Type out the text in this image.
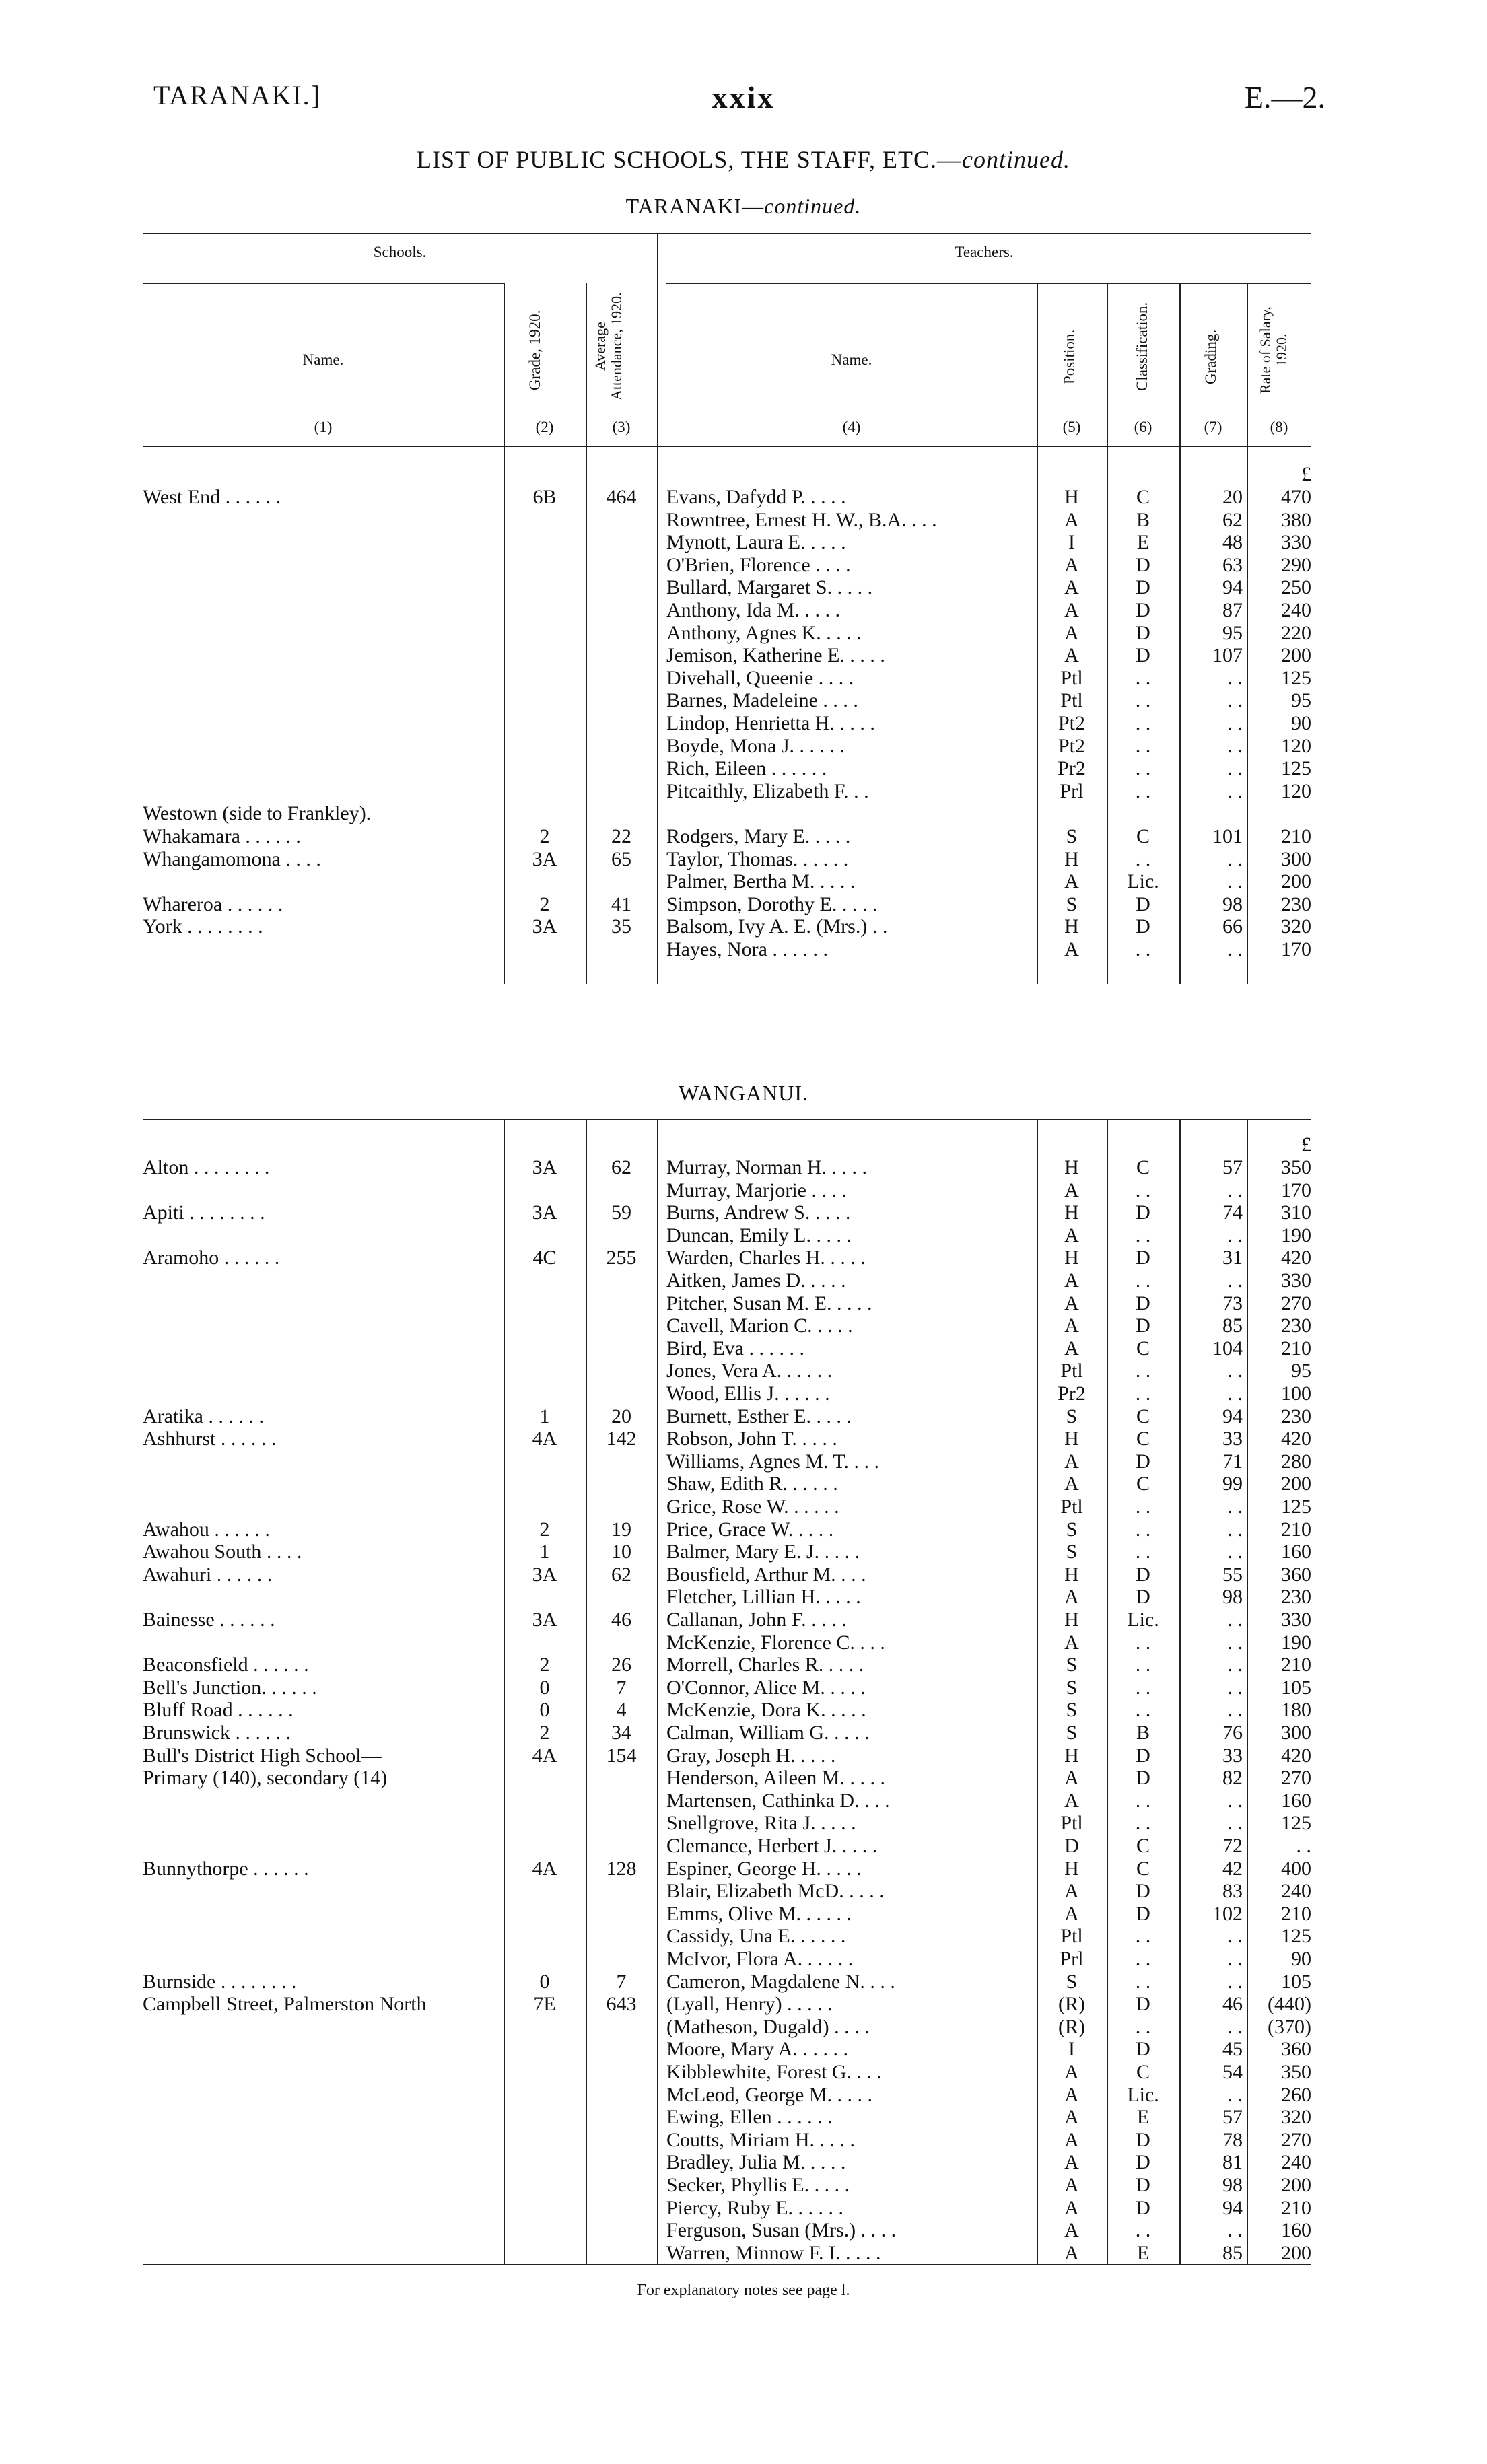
TARANAKI.]	xxix	E.—2.
LIST OF PUBLIC SCHOOLS, THE STAFF, ETC.—continued.
TARANAKI—continued.
Schools.	Teachers.
Name.	Grade, 1920.	Average Attendance, 1920.	Name.	Position.	Classification.	Grading.	Rate of Salary, 1920.
(1)	(2)	(3)	(4)	(5)	(6)	(7)	(8)
£
West End . . . . . .	6B	464	Evans, Dafydd P. . . . .	H	C	20	470
Rowntree, Ernest H. W., B.A. . . .	A	B	62	380
Mynott, Laura E. . . . .	I	E	48	330
O'Brien, Florence . . . .	A	D	63	290
Bullard, Margaret S. . . . .	A	D	94	250
Anthony, Ida M. . . . .	A	D	87	240
Anthony, Agnes K. . . . .	A	D	95	220
Jemison, Katherine E. . . . .	A	D	107	200
Divehall, Queenie . . . .	Ptl	. .	. .	125
Barnes, Madeleine . . . .	Ptl	. .	. .	95
Lindop, Henrietta H. . . . .	Pt2	. .	. .	90
Boyde, Mona J. . . . . .	Pt2	. .	. .	120
Rich, Eileen . . . . . .	Pr2	. .	. .	125
Pitcaithly, Elizabeth F. . .	Prl	. .	. .	120
Westown (side to Frankley).
Whakamara . . . . . .	2	22	Rodgers, Mary E. . . . .	S	C	101	210
Whangamomona . . . .	3A	65	Taylor, Thomas. . . . . .	H	. .	. .	300
Palmer, Bertha M. . . . .	A	Lic.	. .	200
Whareroa . . . . . .	2	41	Simpson, Dorothy E. . . . .	S	D	98	230
York . . . . . . . .	3A	35	Balsom, Ivy A. E. (Mrs.) . .	H	D	66	320
Hayes, Nora . . . . . .	A	. .	. .	170
WANGANUI.
£
Alton . . . . . . . .	3A	62	Murray, Norman H. . . . .	H	C	57	350
Murray, Marjorie . . . .	A	. .	. .	170
Apiti . . . . . . . .	3A	59	Burns, Andrew S. . . . .	H	D	74	310
Duncan, Emily L. . . . .	A	. .	. .	190
Aramoho . . . . . .	4C	255	Warden, Charles H. . . . .	H	D	31	420
Aitken, James D. . . . .	A	. .	. .	330
Pitcher, Susan M. E. . . . .	A	D	73	270
Cavell, Marion C. . . . .	A	D	85	230
Bird, Eva . . . . . .	A	C	104	210
Jones, Vera A. . . . . .	Ptl	. .	. .	95
Wood, Ellis J. . . . . .	Pr2	. .	. .	100
Aratika . . . . . .	1	20	Burnett, Esther E. . . . .	S	C	94	230
Ashhurst . . . . . .	4A	142	Robson, John T. . . . .	H	C	33	420
Williams, Agnes M. T. . . .	A	D	71	280
Shaw, Edith R. . . . . .	A	C	99	200
Grice, Rose W. . . . . .	Ptl	. .	. .	125
Awahou . . . . . .	2	19	Price, Grace W. . . . .	S	. .	. .	210
Awahou South . . . .	1	10	Balmer, Mary E. J. . . . .	S	. .	. .	160
Awahuri . . . . . .	3A	62	Bousfield, Arthur M. . . .	H	D	55	360
Fletcher, Lillian H. . . . .	A	D	98	230
Bainesse . . . . . .	3A	46	Callanan, John F. . . . .	H	Lic.	. .	330
McKenzie, Florence C. . . .	A	. .	. .	190
Beaconsfield . . . . . .	2	26	Morrell, Charles R. . . . .	S	. .	. .	210
Bell's Junction. . . . . .	0	7	O'Connor, Alice M. . . . .	S	. .	. .	105
Bluff Road . . . . . .	0	4	McKenzie, Dora K. . . . .	S	. .	. .	180
Brunswick . . . . . .	2	34	Calman, William G. . . . .	S	B	76	300
Bull's District High School—	4A	154	Gray, Joseph H. . . . .	H	D	33	420
Primary (140), secondary (14)	Henderson, Aileen M. . . . .	A	D	82	270
Martensen, Cathinka D. . . .	A	. .	. .	160
Snellgrove, Rita J. . . . .	Ptl	. .	. .	125
Clemance, Herbert J. . . . .	D	C	72	. .
Bunnythorpe . . . . . .	4A	128	Espiner, George H. . . . .	H	C	42	400
Blair, Elizabeth McD. . . . .	A	D	83	240
Emms, Olive M. . . . . .	A	D	102	210
Cassidy, Una E. . . . . .	Ptl	. .	. .	125
McIvor, Flora A. . . . . .	Prl	. .	. .	90
Burnside . . . . . . . .	0	7	Cameron, Magdalene N. . . .	S	. .	. .	105
Campbell Street, Palmerston North	7E	643	(Lyall, Henry) . . . . .	(R)	D	46	(440)
(Matheson, Dugald) . . . .	(R)	. .	. .	(370)
Moore, Mary A. . . . . .	I	D	45	360
Kibblewhite, Forest G. . . .	A	C	54	350
McLeod, George M. . . . .	A	Lic.	. .	260
Ewing, Ellen . . . . . .	A	E	57	320
Coutts, Miriam H. . . . .	A	D	78	270
Bradley, Julia M. . . . .	A	D	81	240
Secker, Phyllis E. . . . .	A	D	98	200
Piercy, Ruby E. . . . . .	A	D	94	210
Ferguson, Susan (Mrs.) . . . .	A	. .	. .	160
Warren, Minnow F. I. . . . .	A	E	85	200
For explanatory notes see page l.
